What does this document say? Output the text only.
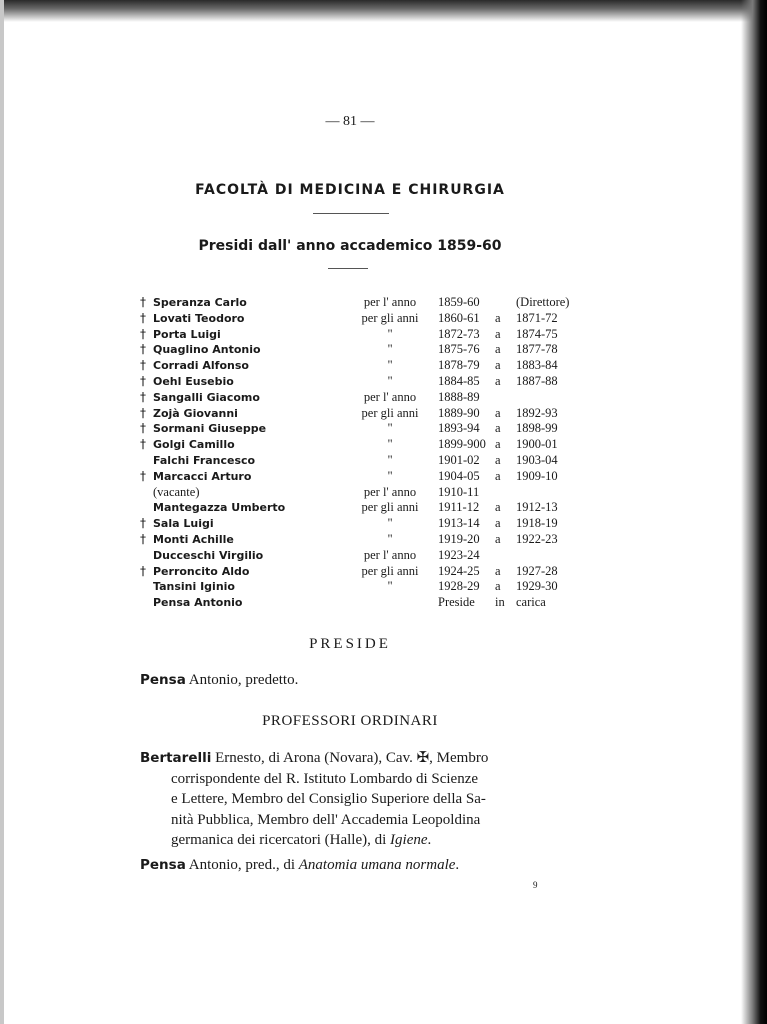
— 81 —
FACOLTÀ DI MEDICINA E CHIRURGIA
Presidi dall' anno accademico 1859-60
† Speranza Carlo	per l' anno	1859-60	(Direttore)
† Lovati Teodoro	per gli anni	1860-61 a 1871-72
† Porta Luigi	"	1872-73 a 1874-75
† Quaglino Antonio	"	1875-76 a 1877-78
† Corradi Alfonso	"	1878-79 a 1883-84
† Oehl Eusebio	"	1884-85 a 1887-88
† Sangalli Giacomo	per l' anno	1888-89
† Zojà Giovanni	per gli anni	1889-90 a 1892-93
† Sormani Giuseppe	"	1893-94 a 1898-99
† Golgi Camillo	"	1899-900 a 1900-01
Falchi Francesco	"	1901-02 a 1903-04
† Marcacci Arturo	"	1904-05 a 1909-10
(vacante)	per l' anno	1910-11
Mantegazza Umberto	per gli anni	1911-12 a 1912-13
† Sala Luigi	"	1913-14 a 1918-19
† Monti Achille	"	1919-20 a 1922-23
Ducceschi Virgilio	per l' anno	1923-24
† Perroncito Aldo	per gli anni	1924-25 a 1927-28
Tansini Iginio	"	1928-29 a 1929-30
Pensa Antonio	Preside in carica
PRESIDE
Pensa Antonio, predetto.
PROFESSORI ORDINARI
Bertarelli Ernesto, di Arona (Novara), Cav. ✠, Membro
corrispondente del R. Istituto Lombardo di Scienze
e Lettere, Membro del Consiglio Superiore della Sa-
nità Pubblica, Membro dell' Accademia Leopoldina
germanica dei ricercatori (Halle), di Igiene.
Pensa Antonio, pred., di Anatomia umana normale.
9
